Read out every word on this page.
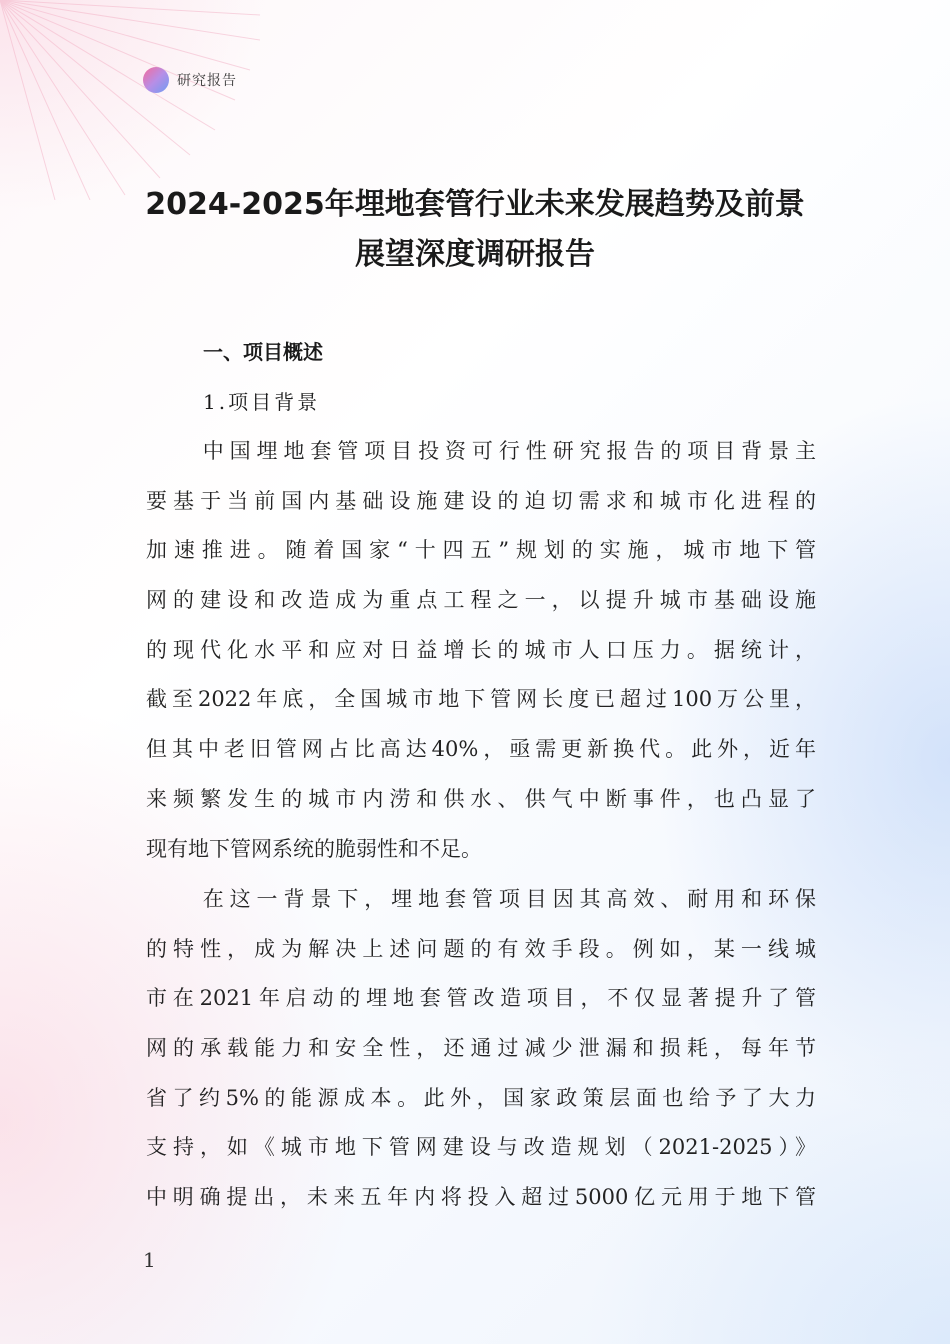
研究报告
2024-2025年埋地套管行业未来发展趋势及前景
展望深度调研报告
一、项目概述
1.项目背景
中国埋地套管项目投资可行性研究报告的项目背景主
要基于当前国内基础设施建设的迫切需求和城市化进程的
加速推进。随着国家“十四五”规划的实施，城市地下管
网的建设和改造成为重点工程之一，以提升城市基础设施
的现代化水平和应对日益增长的城市人口压力。据统计，
截至2022年底，全国城市地下管网长度已超过100万公里，
但其中老旧管网占比高达40%，亟需更新换代。此外，近年
来频繁发生的城市内涝和供水、供气中断事件，也凸显了
现有地下管网系统的脆弱性和不足。
在这一背景下，埋地套管项目因其高效、耐用和环保
的特性，成为解决上述问题的有效手段。例如，某一线城
市在2021年启动的埋地套管改造项目，不仅显著提升了管
网的承载能力和安全性，还通过减少泄漏和损耗，每年节
省了约5%的能源成本。此外，国家政策层面也给予了大力
支持，如《城市地下管网建设与改造规划（2021-2025）》
中明确提出，未来五年内将投入超过5000亿元用于地下管
1
